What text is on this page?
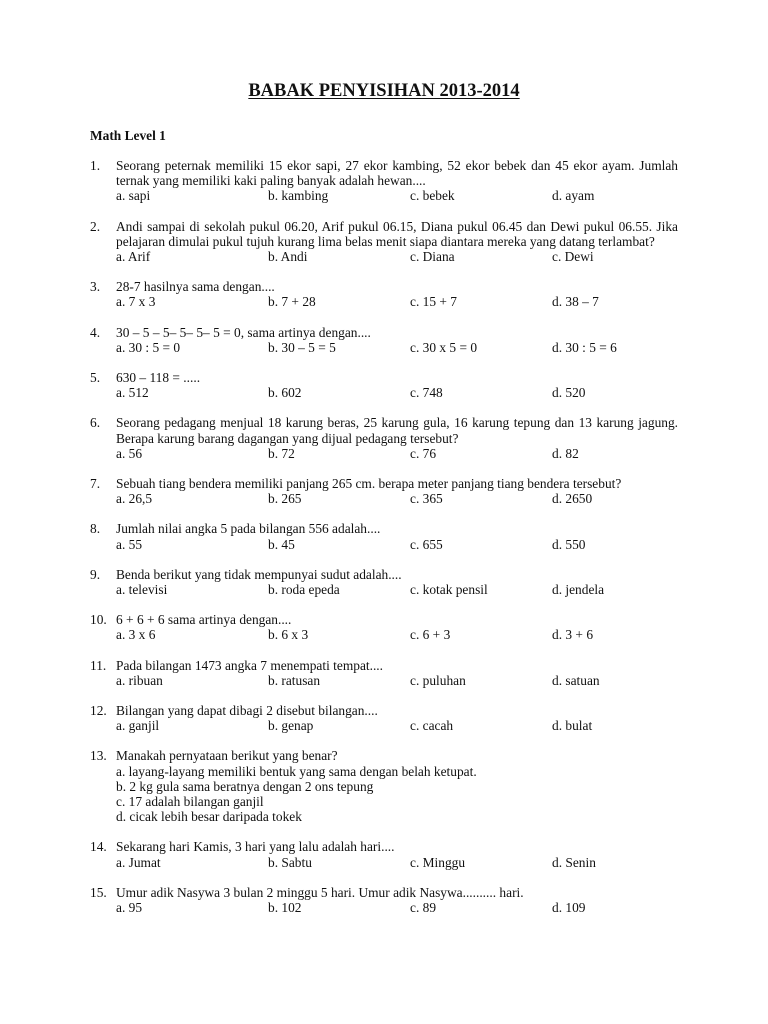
BABAK PENYISIHAN 2013-2014
Math Level 1
1. Seorang peternak memiliki 15 ekor sapi, 27 ekor kambing, 52 ekor bebek dan 45 ekor ayam. Jumlah ternak yang memiliki kaki paling banyak adalah hewan....
a. sapi	b. kambing	c. bebek	d. ayam
2. Andi sampai di sekolah pukul 06.20, Arif pukul 06.15, Diana pukul 06.45 dan Dewi pukul 06.55. Jika pelajaran dimulai pukul tujuh kurang lima belas menit siapa diantara mereka yang datang terlambat?
a. Arif	b. Andi	c. Diana	c. Dewi
3. 28-7 hasilnya sama dengan....
a. 7 x 3	b. 7 + 28	c. 15 + 7	d. 38 – 7
4. 30 – 5 – 5– 5– 5– 5 = 0, sama artinya dengan....
a. 30 : 5 = 0	b. 30 – 5 = 5	c. 30 x 5 = 0	d. 30 : 5 = 6
5. 630 – 118 = .....
a. 512	b. 602	c. 748	d. 520
6. Seorang pedagang menjual 18 karung beras, 25 karung gula, 16 karung tepung dan 13 karung jagung. Berapa karung barang dagangan yang dijual pedagang tersebut?
a. 56	b. 72	c. 76	d. 82
7. Sebuah tiang bendera memiliki panjang 265 cm. berapa meter panjang tiang bendera tersebut?
a. 26,5	b. 265	c. 365	d. 2650
8. Jumlah nilai angka 5 pada bilangan 556 adalah....
a. 55	b. 45	c. 655	d. 550
9. Benda berikut yang tidak mempunyai sudut adalah....
a. televisi	b. roda epeda	c. kotak pensil	d. jendela
10. 6 + 6 + 6 sama artinya dengan....
a. 3 x 6	b. 6 x 3	c. 6 + 3	d. 3 + 6
11. Pada bilangan 1473 angka 7 menempati tempat....
a. ribuan	b. ratusan	c. puluhan	d. satuan
12. Bilangan yang dapat dibagi 2 disebut bilangan....
a. ganjil	b. genap	c. cacah	d. bulat
13. Manakah pernyataan berikut yang benar?
a. layang-layang memiliki bentuk yang sama dengan belah ketupat.
b. 2 kg gula sama beratnya dengan 2 ons tepung
c. 17 adalah bilangan ganjil
d. cicak lebih besar daripada tokek
14. Sekarang hari Kamis, 3 hari yang lalu adalah hari....
a. Jumat	b. Sabtu	c. Minggu	d. Senin
15. Umur adik Nasywa 3 bulan 2 minggu 5 hari. Umur adik Nasywa.......... hari.
a. 95	b. 102	c. 89	d. 109
